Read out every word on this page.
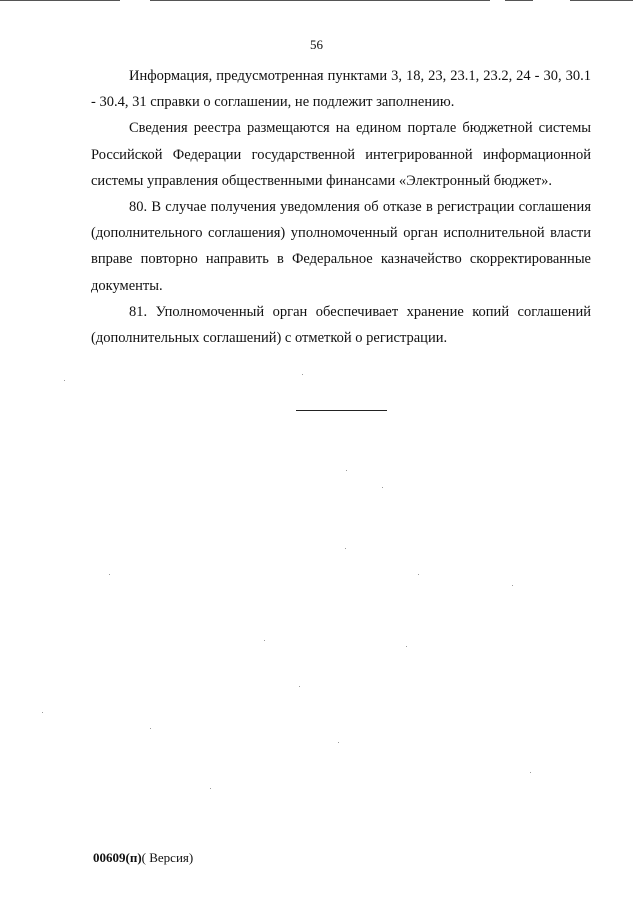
56

Информация, предусмотренная пунктами 3, 18, 23, 23.1, 23.2, 24 - 30, 30.1 - 30.4, 31 справки о соглашении, не подлежит заполнению.

Сведения реестра размещаются на едином портале бюджетной системы Российской Федерации государственной интегрированной информационной системы управления общественными финансами «Электронный бюджет».

80. В случае получения уведомления об отказе в регистрации соглашения (дополнительного соглашения) уполномоченный орган исполнительной власти вправе повторно направить в Федеральное казначейство скорректированные документы.

81. Уполномоченный орган обеспечивает хранение копий соглашений (дополнительных соглашений) с отметкой о регистрации.

00609(п)( Версия)
